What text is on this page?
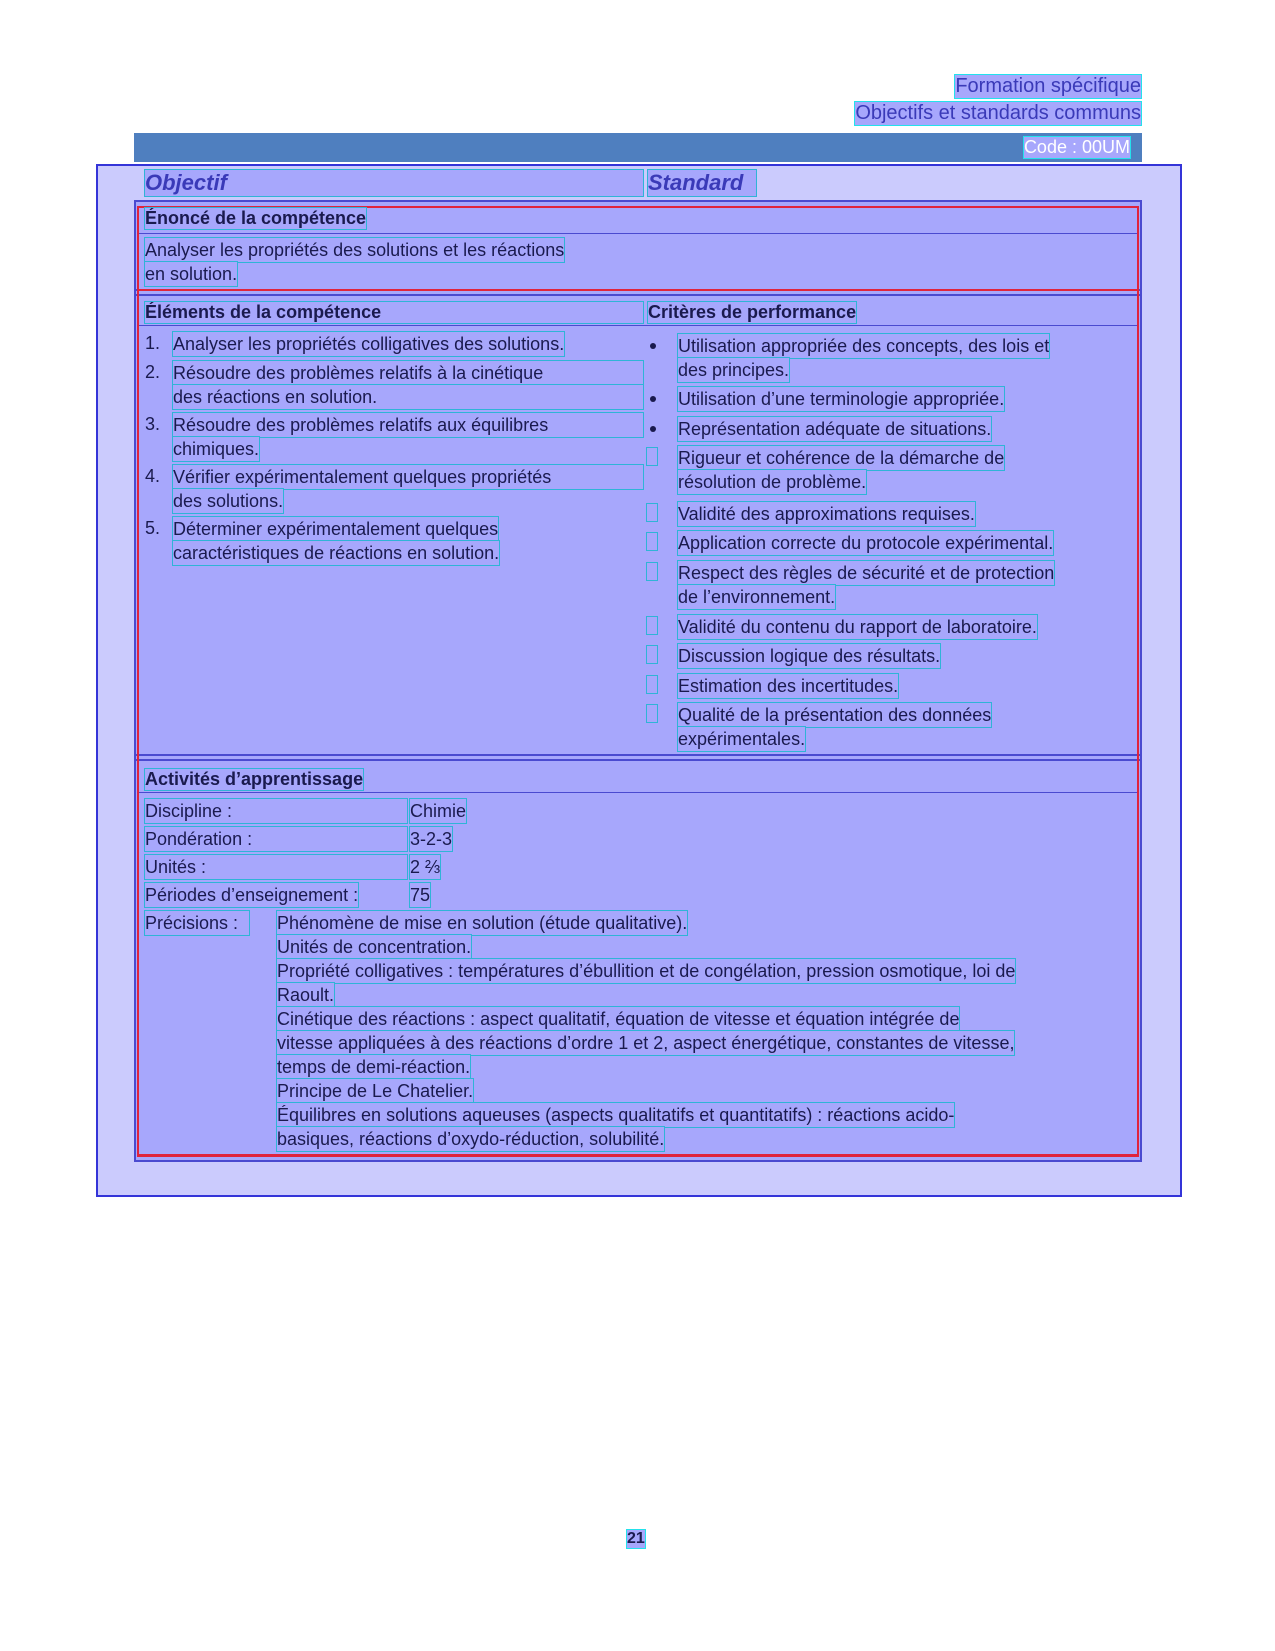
Formation spécifique
Objectifs et standards communs
Code : 00UM
Objectif	Standard
Énoncé de la compétence
Analyser les propriétés des solutions et les réactions
en solution.
Éléments de la compétence
1. Analyser les propriétés colligatives des solutions.
2. Résoudre des problèmes relatifs à la cinétique
des réactions en solution.
3. Résoudre des problèmes relatifs aux équilibres
chimiques.
4. Vérifier expérimentalement quelques propriétés
des solutions.
5. Déterminer expérimentalement quelques
caractéristiques de réactions en solution.
Critères de performance
Utilisation appropriée des concepts, des lois et
des principes.
Utilisation d’une terminologie appropriée.
Représentation adéquate de situations.
Rigueur et cohérence de la démarche de
résolution de problème.
Validité des approximations requises.
Application correcte du protocole expérimental.
Respect des règles de sécurité et de protection
de l’environnement.
Validité du contenu du rapport de laboratoire.
Discussion logique des résultats.
Estimation des incertitudes.
Qualité de la présentation des données
expérimentales.
Activités d’apprentissage
Discipline :	Chimie
Pondération :	3-2-3
Unités :	2 ⅔
Périodes d’enseignement :	75
Précisions :	Phénomène de mise en solution (étude qualitative).
Unités de concentration.
Propriété colligatives : températures d’ébullition et de congélation, pression osmotique, loi de
Raoult.
Cinétique des réactions : aspect qualitatif, équation de vitesse et équation intégrée de
vitesse appliquées à des réactions d’ordre 1 et 2, aspect énergétique, constantes de vitesse,
temps de demi-réaction.
Principe de Le Chatelier.
Équilibres en solutions aqueuses (aspects qualitatifs et quantitatifs) : réactions acido-
basiques, réactions d’oxydo-réduction, solubilité.
21
